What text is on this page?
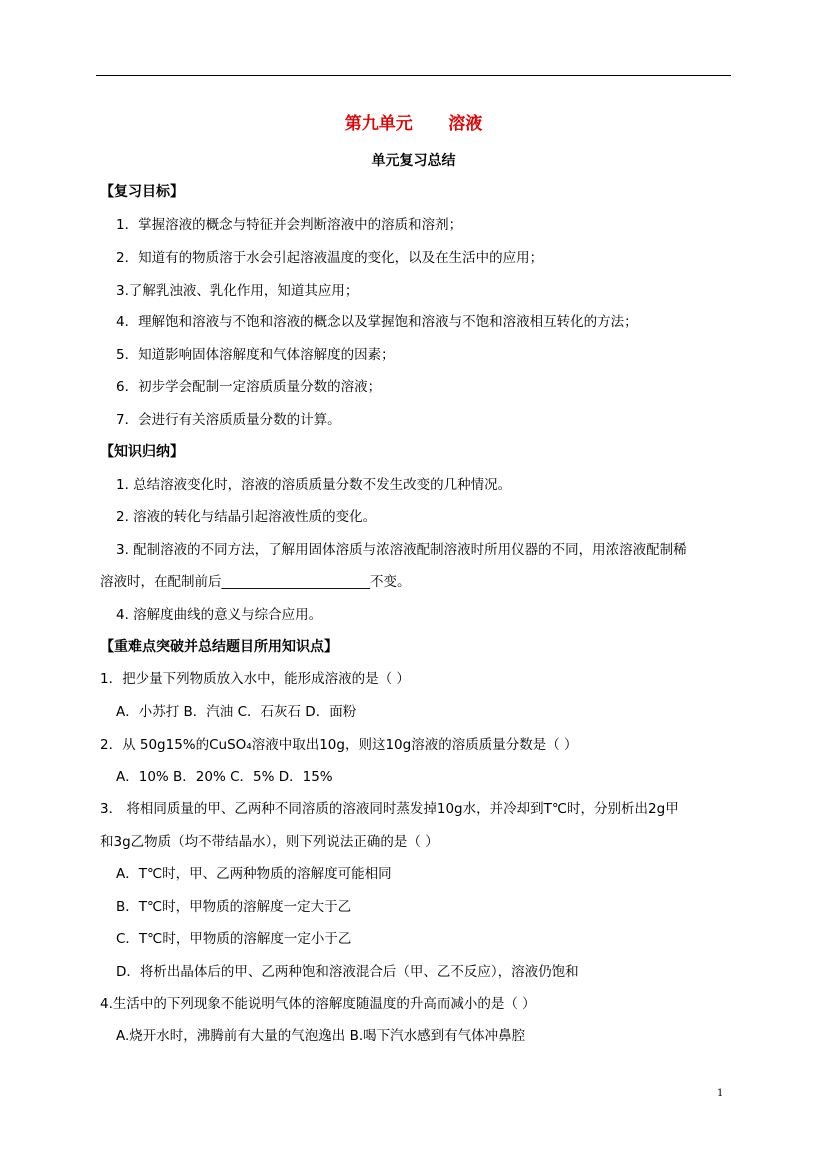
第九单元      溶液
单元复习总结
【复习目标】
1．掌握溶液的概念与特征并会判断溶液中的溶质和溶剂；
2．知道有的物质溶于水会引起溶液温度的变化，以及在生活中的应用；
3.了解乳浊液、乳化作用，知道其应用；
4．理解饱和溶液与不饱和溶液的概念以及掌握饱和溶液与不饱和溶液相互转化的方法；
5．知道影响固体溶解度和气体溶解度的因素；
6．初步学会配制一定溶质质量分数的溶液；
7．会进行有关溶质质量分数的计算。
【知识归纳】
1. 总结溶液变化时，溶液的溶质质量分数不发生改变的几种情况。
2. 溶液的转化与结晶引起溶液性质的变化。
3. 配制溶液的不同方法，了解用固体溶质与浓溶液配制溶液时所用仪器的不同，用浓溶液配制稀
溶液时，在配制前后______________________不变。
4. 溶解度曲线的意义与综合应用。
【重难点突破并总结题目所用知识点】
1．把少量下列物质放入水中，能形成溶液的是（ ）
A．小苏打 B．汽油 C．石灰石 D．面粉
2．从 50g15%的CuSO₄溶液中取出10g，则这10g溶液的溶质质量分数是（ ）
A．10% B．20% C．5% D．15%
3． 将相同质量的甲、乙两种不同溶质的溶液同时蒸发掉10g水，并冷却到T℃时，分别析出2g甲
和3g乙物质（均不带结晶水），则下列说法正确的是（ ）
A．T℃时，甲、乙两种物质的溶解度可能相同
B．T℃时，甲物质的溶解度一定大于乙
C．T℃时，甲物质的溶解度一定小于乙
D．将析出晶体后的甲、乙两种饱和溶液混合后（甲、乙不反应），溶液仍饱和
4.生活中的下列现象不能说明气体的溶解度随温度的升高而减小的是（ ）
A.烧开水时，沸腾前有大量的气泡逸出 B.喝下汽水感到有气体冲鼻腔
1
